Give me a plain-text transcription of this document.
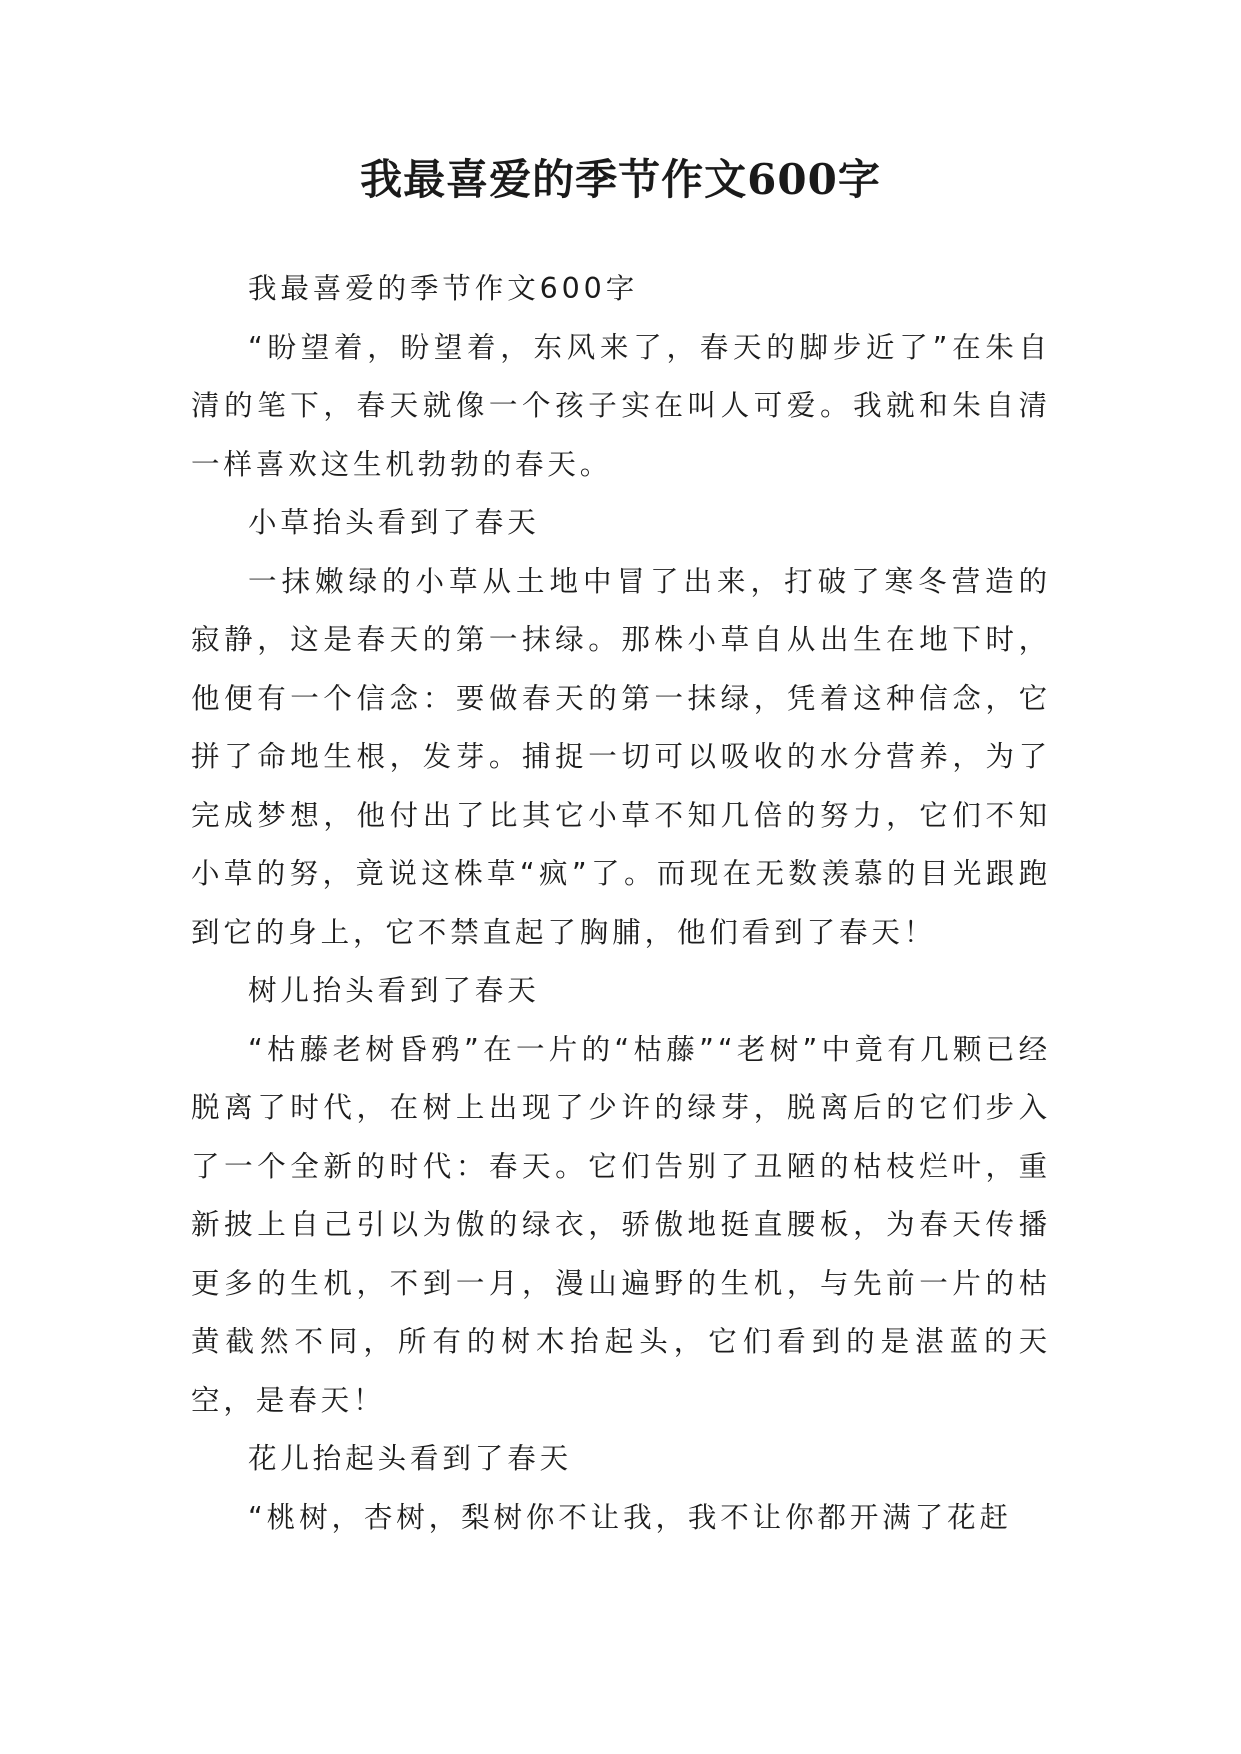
我最喜爱的季节作文600字

我最喜爱的季节作文600字

“盼望着，盼望着，东风来了，春天的脚步近了”在朱自清的笔下，春天就像一个孩子实在叫人可爱。我就和朱自清一样喜欢这生机勃勃的春天。

小草抬头看到了春天

一抹嫩绿的小草从土地中冒了出来，打破了寒冬营造的寂静，这是春天的第一抹绿。那株小草自从出生在地下时，他便有一个信念：要做春天的第一抹绿，凭着这种信念，它拼了命地生根，发芽。捕捉一切可以吸收的水分营养，为了完成梦想，他付出了比其它小草不知几倍的努力，它们不知小草的努，竟说这株草“疯”了。而现在无数羡慕的目光跟跑到它的身上，它不禁直起了胸脯，他们看到了春天！

树儿抬头看到了春天

“枯藤老树昏鸦”在一片的“枯藤”“老树”中竟有几颗已经脱离了时代，在树上出现了少许的绿芽，脱离后的它们步入了一个全新的时代：春天。它们告别了丑陋的枯枝烂叶，重新披上自己引以为傲的绿衣，骄傲地挺直腰板，为春天传播更多的生机，不到一月，漫山遍野的生机，与先前一片的枯黄截然不同，所有的树木抬起头，它们看到的是湛蓝的天空，是春天！

花儿抬起头看到了春天

“桃树，杏树，梨树你不让我，我不让你都开满了花赶
